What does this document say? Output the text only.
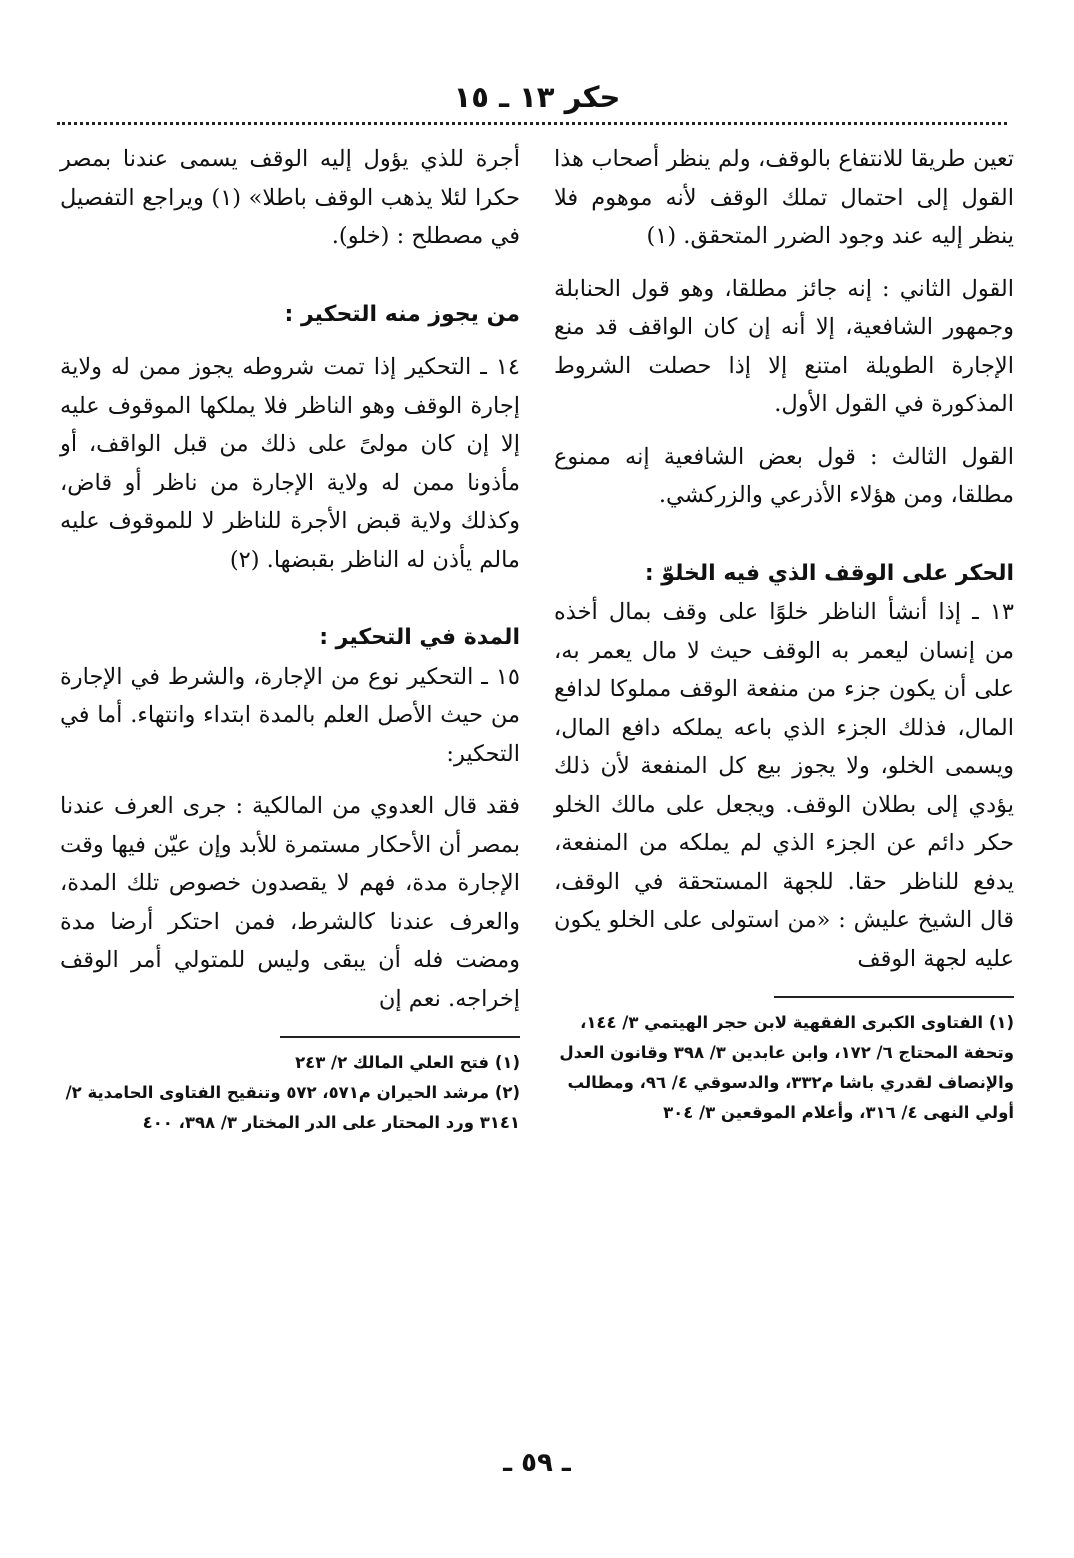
حكر ١٣ ـ ١٥

تعين طريقا للانتفاع بالوقف، ولم ينظر أصحاب هذا القول إلى احتمال تملك الوقف لأنه موهوم فلا ينظر إليه عند وجود الضرر المتحقق. (١)

القول الثاني : إنه جائز مطلقا، وهو قول الحنابلة وجمهور الشافعية، إلا أنه إن كان الواقف قد منع الإجارة الطويلة امتنع إلا إذا حصلت الشروط المذكورة في القول الأول.

القول الثالث : قول بعض الشافعية إنه ممنوع مطلقا، ومن هؤلاء الأذرعي والزركشي.

الحكر على الوقف الذي فيه الخلوّ :

١٣ ـ إذا أنشأ الناظر خلوًا على وقف بمال أخذه من إنسان ليعمر به الوقف حيث لا مال يعمر به، على أن يكون جزء من منفعة الوقف مملوكا لدافع المال، فذلك الجزء الذي باعه يملكه دافع المال، ويسمى الخلو، ولا يجوز بيع كل المنفعة لأن ذلك يؤدي إلى بطلان الوقف. ويجعل على مالك الخلو حكر دائم عن الجزء الذي لم يملكه من المنفعة، يدفع للناظر حقا. للجهة المستحقة في الوقف، قال الشيخ عليش : «من استولى على الخلو يكون عليه لجهة الوقف

(١) الفتاوى الكبرى الفقهية لابن حجر الهيتمي ٣/ ١٤٤، وتحفة المحتاج ٦/ ١٧٢، وابن عابدين ٣/ ٣٩٨ وقانون العدل والإنصاف لقدري باشا م٣٣٢، والدسوقي ٤/ ٩٦، ومطالب أولي النهى ٤/ ٣١٦، وأعلام الموقعين ٣/ ٣٠٤

أجرة للذي يؤول إليه الوقف يسمى عندنا بمصر حكرا لئلا يذهب الوقف باطلا» (١) ويراجع التفصيل في مصطلح : (خلو).

من يجوز منه التحكير :

١٤ ـ التحكير إذا تمت شروطه يجوز ممن له ولاية إجارة الوقف وهو الناظر فلا يملكها الموقوف عليه إلا إن كان مولىً على ذلك من قبل الواقف، أو مأذونا ممن له ولاية الإجارة من ناظر أو قاض، وكذلك ولاية قبض الأجرة للناظر لا للموقوف عليه مالم يأذن له الناظر بقبضها. (٢)

المدة في التحكير :

١٥ ـ التحكير نوع من الإجارة، والشرط في الإجارة من حيث الأصل العلم بالمدة ابتداء وانتهاء. أما في التحكير:

فقد قال العدوي من المالكية : جرى العرف عندنا بمصر أن الأحكار مستمرة للأبد وإن عيّن فيها وقت الإجارة مدة، فهم لا يقصدون خصوص تلك المدة، والعرف عندنا كالشرط، فمن احتكر أرضا مدة ومضت فله أن يبقى وليس للمتولي أمر الوقف إخراجه. نعم إن

(١) فتح العلي المالك ٢/ ٢٤٣

(٢) مرشد الحيران م٥٧١، ٥٧٢ وتنقيح الفتاوى الحامدية ٢/ ٣١٤١ ورد المحتار على الدر المختار ٣/ ٣٩٨، ٤٠٠

ـ ٥٩ ـ
